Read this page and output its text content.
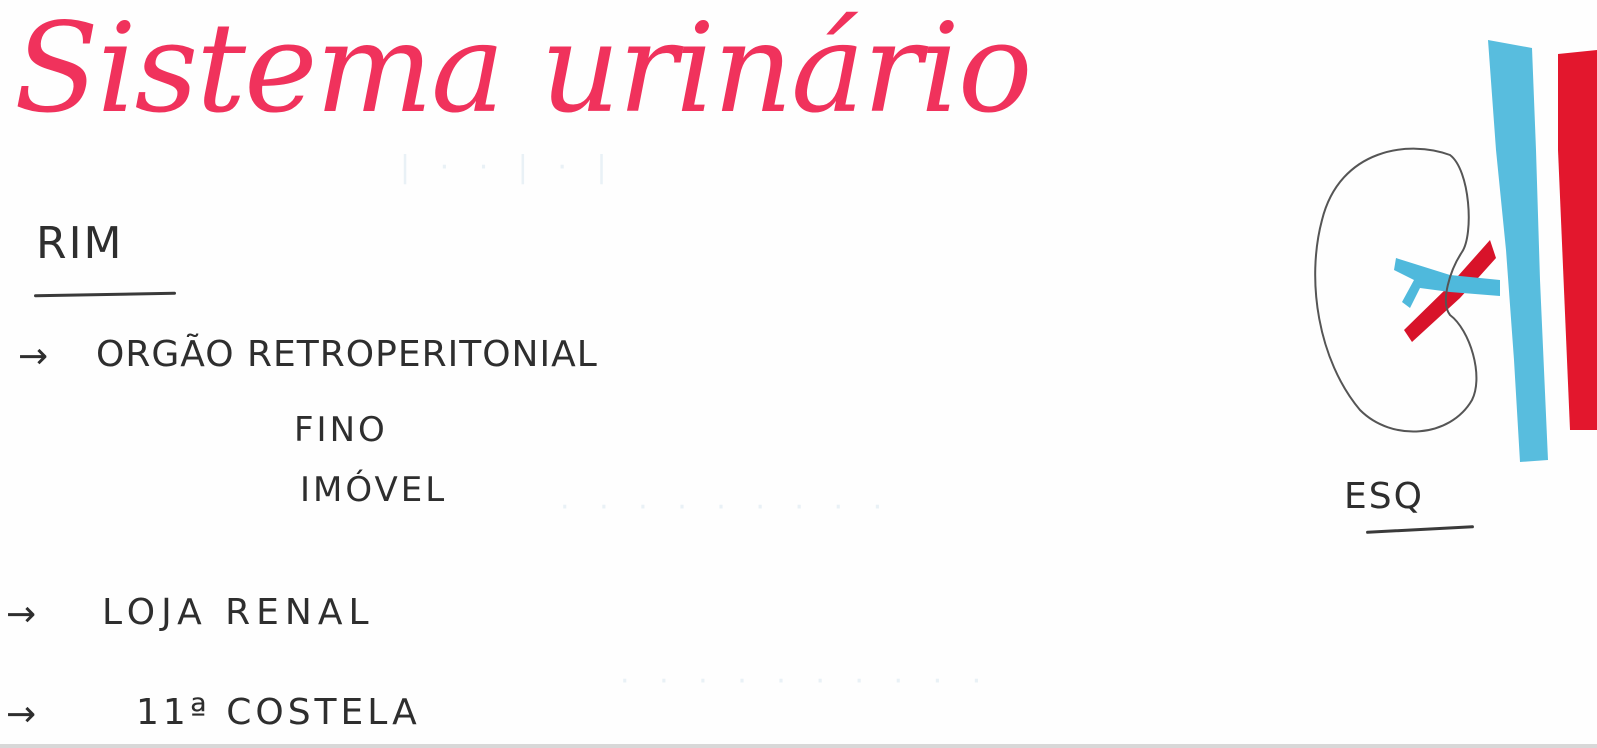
Sistema urinário
| · · | · |
· · · · · · · · ·
· · · · · · · · · ·
RIM
→ ORGÃO RETROPERITONIAL
FINO
IMÓVEL
→ LOJA RENAL
→	11ª COSTELA
ESQ
